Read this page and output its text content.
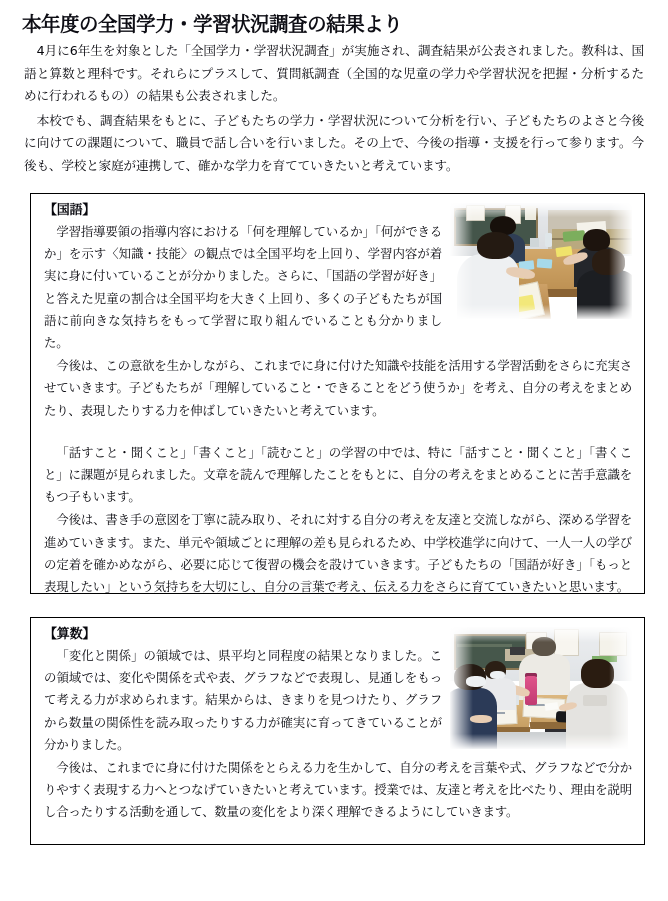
本年度の全国学力・学習状況調査の結果より

4月に6年生を対象とした「全国学力・学習状況調査」が実施され、調査結果が公表されました。教科は、国語と算数と理科です。それらにプラスして、質問紙調査（全国的な児童の学力や学習状況を把握・分析するために行われるもの）の結果も公表されました。

本校でも、調査結果をもとに、子どもたちの学力・学習状況について分析を行い、子どもたちのよさと今後に向けての課題について、職員で話し合いを行いました。その上で、今後の指導・支援を行って参ります。今後も、学校と家庭が連携して、確かな学力を育てていきたいと考えています。

【国語】

学習指導要領の指導内容における「何を理解しているか」「何ができるか」を示す〈知識・技能〉の観点では全国平均を上回り、学習内容が着実に身に付いていることが分かりました。さらに、「国語の学習が好き」と答えた児童の割合は全国平均を大きく上回り、多くの子どもたちが国語に前向きな気持ちをもって学習に取り組んでいることも分かりました。

今後は、この意欲を生かしながら、これまでに身に付けた知識や技能を活用する学習活動をさらに充実させていきます。子どもたちが「理解していること・できることをどう使うか」を考え、自分の考えをまとめたり、表現したりする力を伸ばしていきたいと考えています。

「話すこと・聞くこと」「書くこと」「読むこと」の学習の中では、特に「話すこと・聞くこと」「書くこと」に課題が見られました。文章を読んで理解したことをもとに、自分の考えをまとめることに苦手意識をもつ子もいます。

今後は、書き手の意図を丁寧に読み取り、それに対する自分の考えを友達と交流しながら、深める学習を進めていきます。また、単元や領域ごとに理解の差も見られるため、中学校進学に向けて、一人一人の学びの定着を確かめながら、必要に応じて復習の機会を設けていきます。子どもたちの「国語が好き」「もっと表現したい」という気持ちを大切にし、自分の言葉で考え、伝える力をさらに育てていきたいと思います。

【算数】

「変化と関係」の領域では、県平均と同程度の結果となりました。この領域では、変化や関係を式や表、グラフなどで表現し、見通しをもって考える力が求められます。結果からは、きまりを見つけたり、グラフから数量の関係性を読み取ったりする力が確実に育ってきていることが分かりました。

今後は、これまでに身に付けた関係をとらえる力を生かして、自分の考えを言葉や式、グラフなどで分かりやすく表現する力へとつなげていきたいと考えています。授業では、友達と考えを比べたり、理由を説明し合ったりする活動を通して、数量の変化をより深く理解できるようにしていきます。
